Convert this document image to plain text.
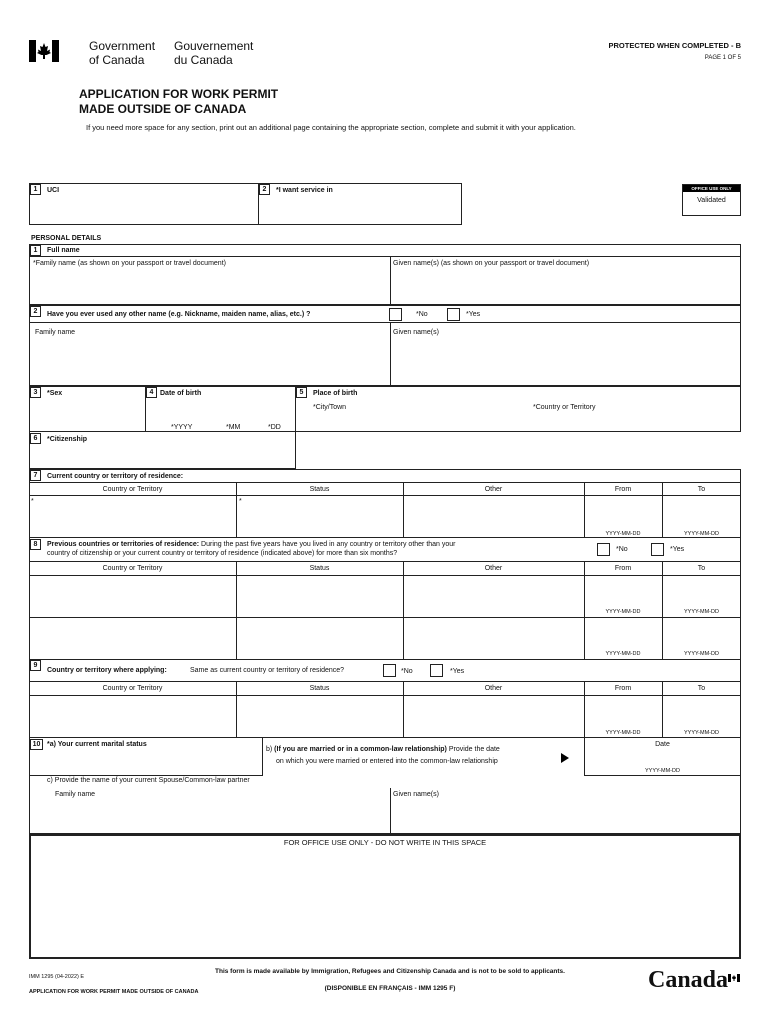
Government
of Canada
Gouvernement
du Canada
PROTECTED WHEN COMPLETED - B
PAGE 1 OF 5
APPLICATION FOR WORK PERMIT
MADE OUTSIDE OF CANADA
If you need more space for any section, print out an additional page containing the appropriate section, complete and submit it with your application.
1	UCI	2	*I want service in	OFFICE USE ONLY
Validated
PERSONAL DETAILS
1	Full name
*Family name (as shown on your passport or travel document)	Given name(s) (as shown on your passport or travel document)
2	Have you ever used any other name (e.g. Nickname, maiden name, alias, etc.) ?	*No	*Yes
Family name	Given name(s)
3	*Sex	4 Date of birth
*YYYY	*MM	*DD
5	Place of birth
*City/Town	*Country or Territory
6	*Citizenship
7	Current country or territory of residence:
Country or Territory	Status	Other	From	To
*	*
YYYY-MM-DD	YYYY-MM-DD
8	Previous countries or territories of residence: During the past five years have you lived in any country or territory other than your
country of citizenship or your current country or territory of residence (indicated above) for more than six months?
*No	*Yes
Country or Territory	Status	Other	From	To
YYYY-MM-DD	YYYY-MM-DD
YYYY-MM-DD	YYYY-MM-DD
9
Country or territory where applying:	Same as current country or territory of residence?	*No	*Yes
Country or Territory	Status	Other	From	To
YYYY-MM-DD	YYYY-MM-DD
10 *a) Your current marital status
b) (If you are married or in a common-law relationship) Provide the date
on which you were married or entered into the common-law relationship
Date
YYYY-MM-DD
c) Provide the name of your current Spouse/Common-law partner
Family name	Given name(s)
FOR OFFICE USE ONLY - DO NOT WRITE IN THIS SPACE
IMM 1295 (04-2022) E
APPLICATION FOR WORK PERMIT MADE OUTSIDE OF CANADA
This form is made available by Immigration, Refugees and Citizenship Canada and is not to be sold to applicants.
(DISPONIBLE EN FRANÇAIS - IMM 1295 F)	Canada
